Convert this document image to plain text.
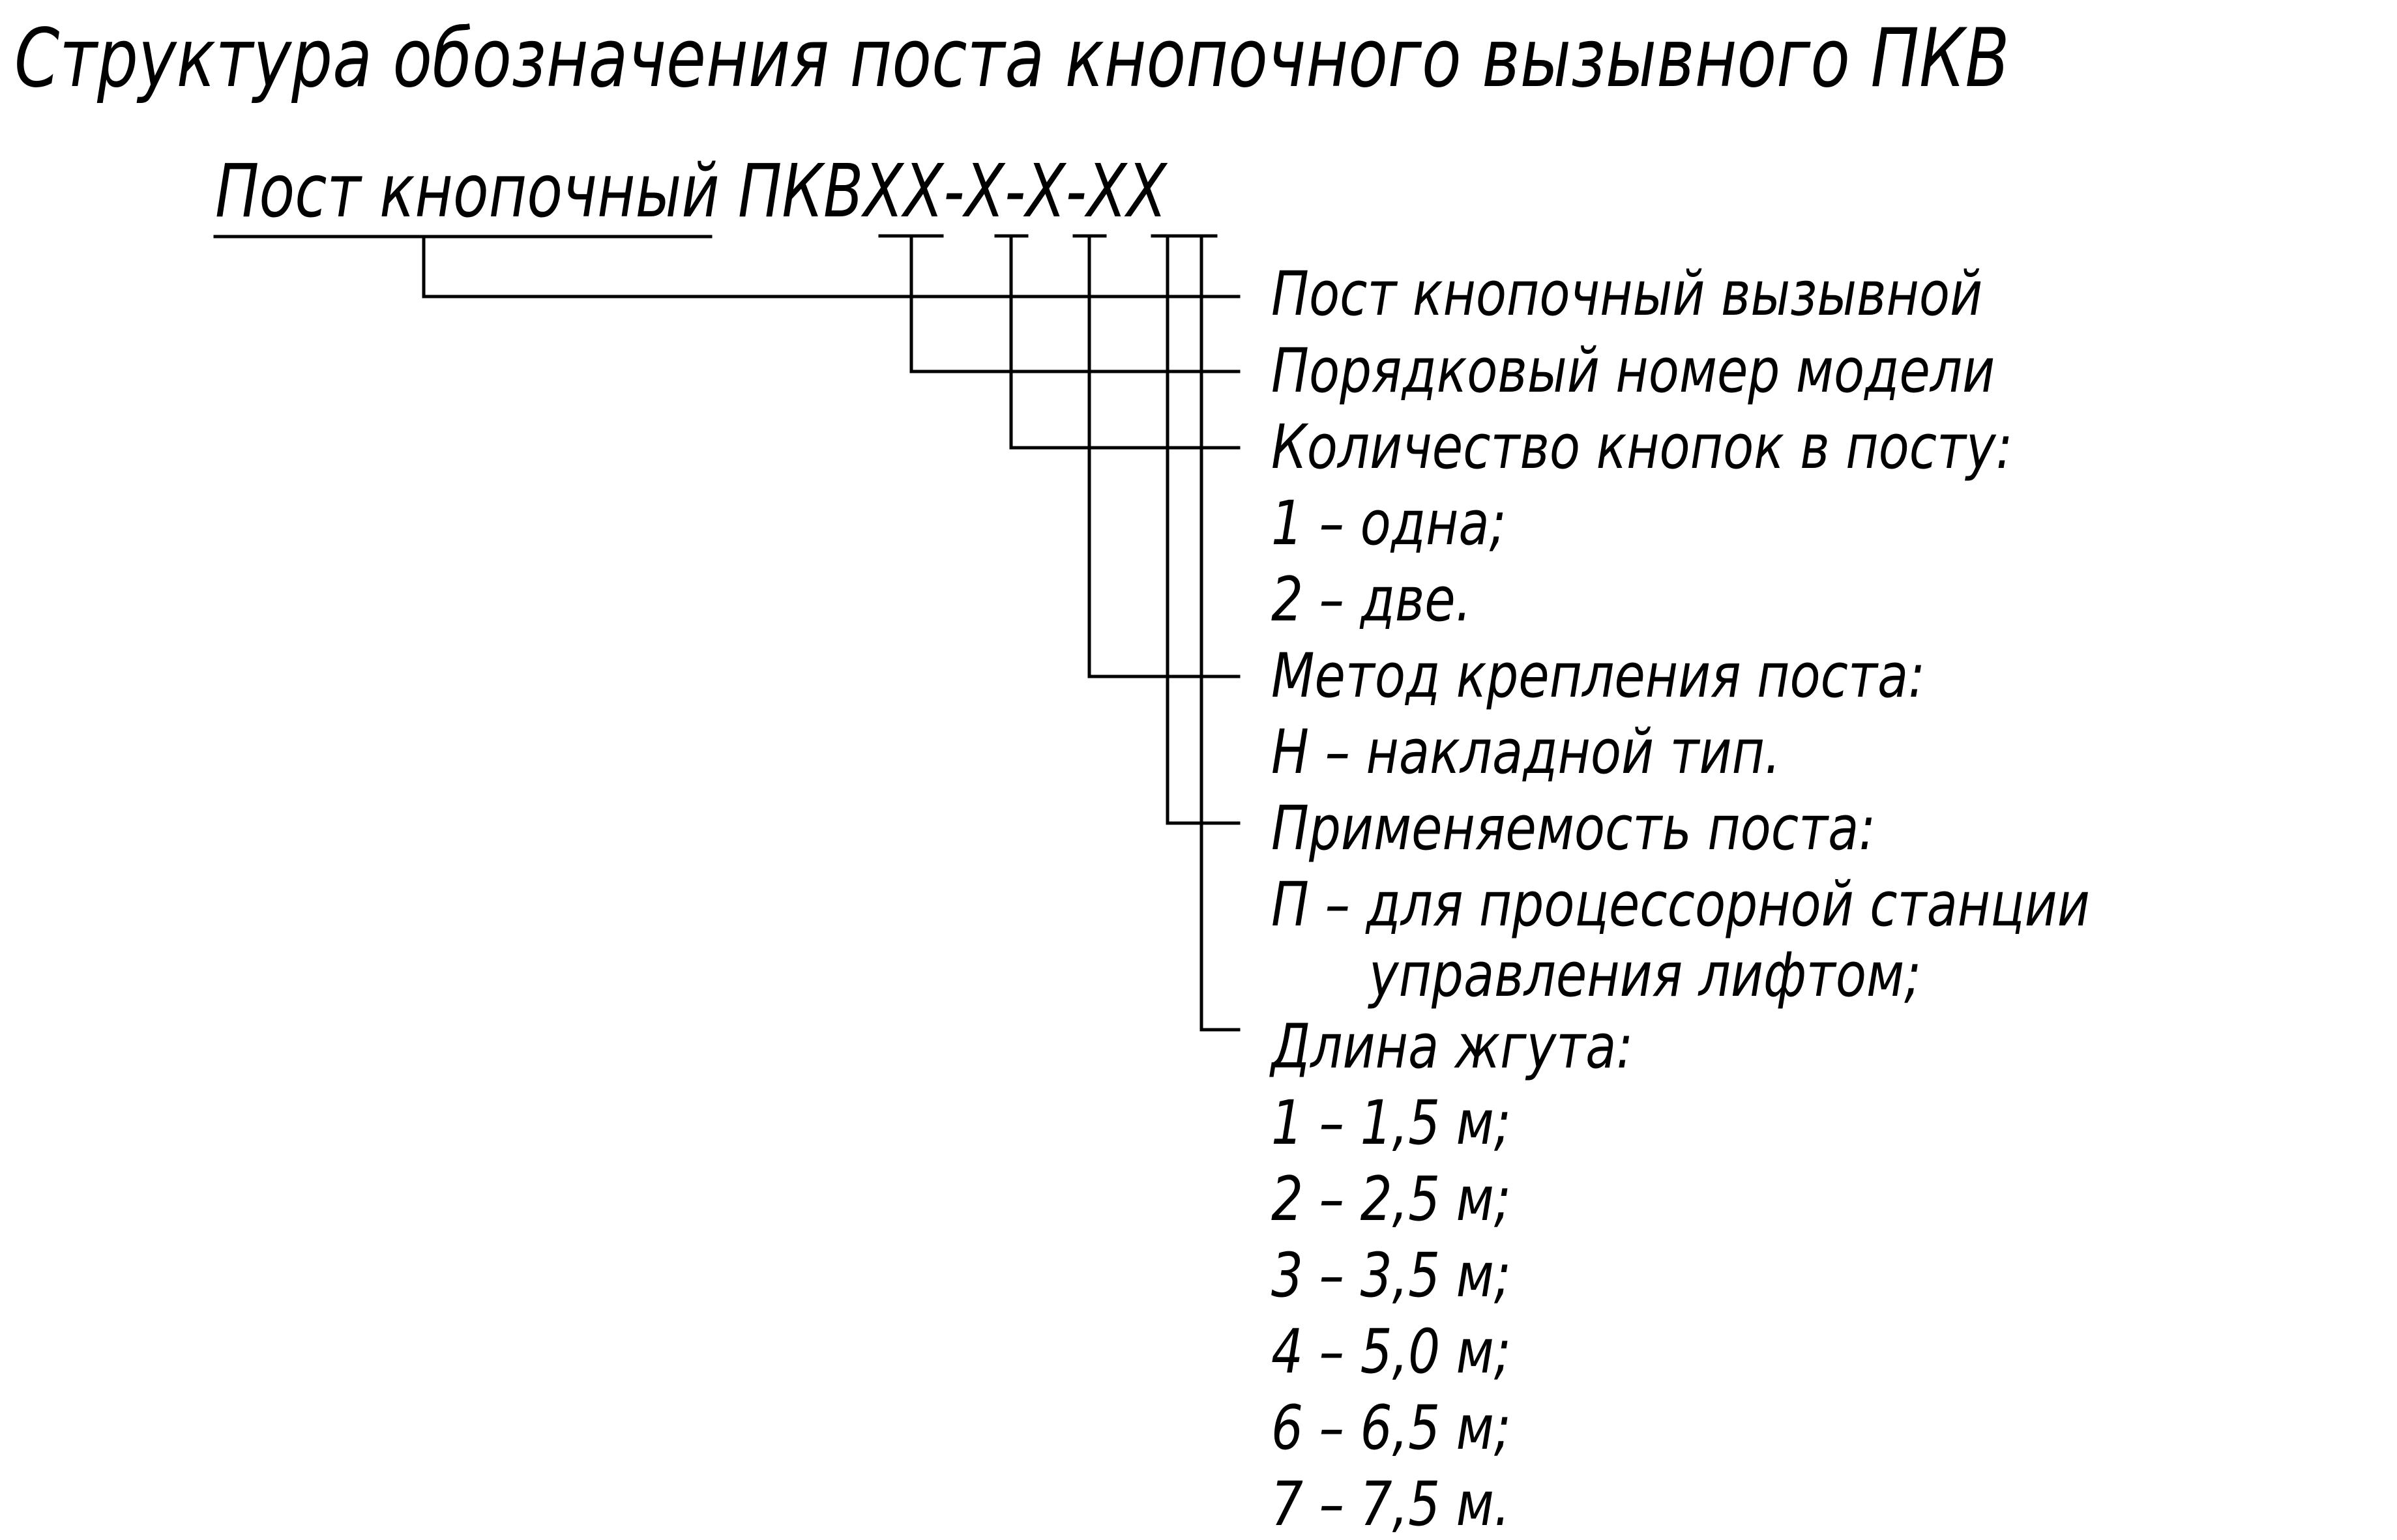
Структура обозначения поста кнопочного вызывного ПКВ
Пост кнопочный ПКВХХ-Х-Х-ХХ
Пост кнопочный вызывной
Порядковый номер модели
Количество кнопок в посту:
1 – одна;
2 – две.
Метод крепления поста:
Н – накладной тип.
Применяемость поста:
П – для процессорной станции
управления лифтом;
Длина жгута:
1 – 1,5 м;
2 – 2,5 м;
3 – 3,5 м;
4 – 5,0 м;
6 – 6,5 м;
7 – 7,5 м.
